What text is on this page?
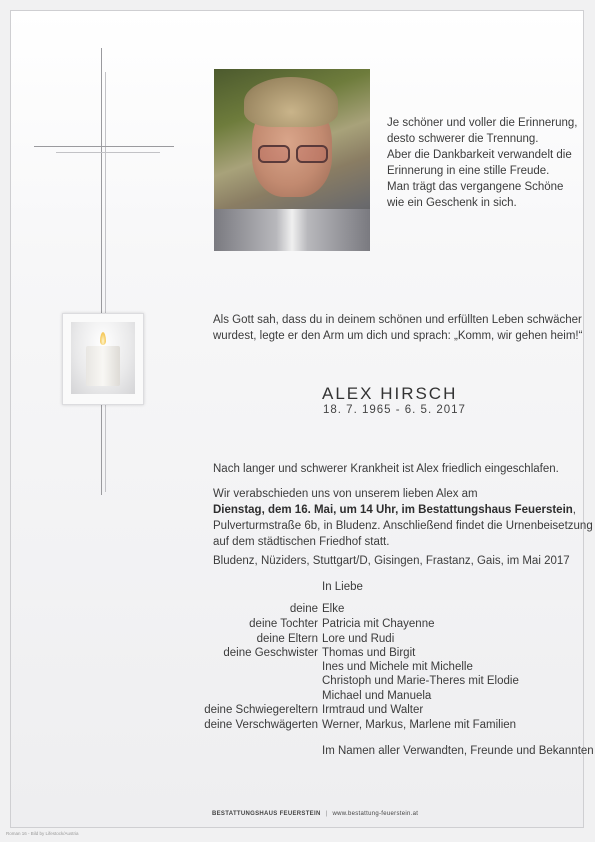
Je schöner und voller die Erinnerung,
desto schwerer die Trennung.
Aber die Dankbarkeit verwandelt die
Erinnerung in eine stille Freude.
Man trägt das vergangene Schöne
wie ein Geschenk in sich.
Als Gott sah, dass du in deinem schönen und erfüllten Leben schwächer
wurdest, legte er den Arm um dich und sprach: „Komm, wir gehen heim!“
ALEX HIRSCH
18. 7. 1965 - 6. 5. 2017
Nach langer und schwerer Krankheit ist Alex friedlich eingeschlafen.
Wir verabschieden uns von unserem lieben Alex am
Dienstag, dem 16. Mai, um 14 Uhr, im Bestattungshaus Feuerstein,
Pulverturmstraße 6b, in Bludenz. Anschließend findet die Urnenbeisetzung
auf dem städtischen Friedhof statt.
Bludenz, Nüziders, Stuttgart/D, Gisingen, Frastanz, Gais, im Mai 2017
In Liebe
deine Elke
deine Tochter Patricia mit Chayenne
deine Eltern Lore und Rudi
deine Geschwister Thomas und Birgit
Ines und Michele mit Michelle
Christoph und Marie-Theres mit Elodie
Michael und Manuela
deine Schwiegereltern Irmtraud und Walter
deine Verschwägerten Werner, Markus, Marlene mit Familien
Im Namen aller Verwandten, Freunde und Bekannten
BESTATTUNGSHAUS FEUERSTEIN | www.bestattung-feuerstein.at
Roman 16 - Bild by Lifestock/Austria
